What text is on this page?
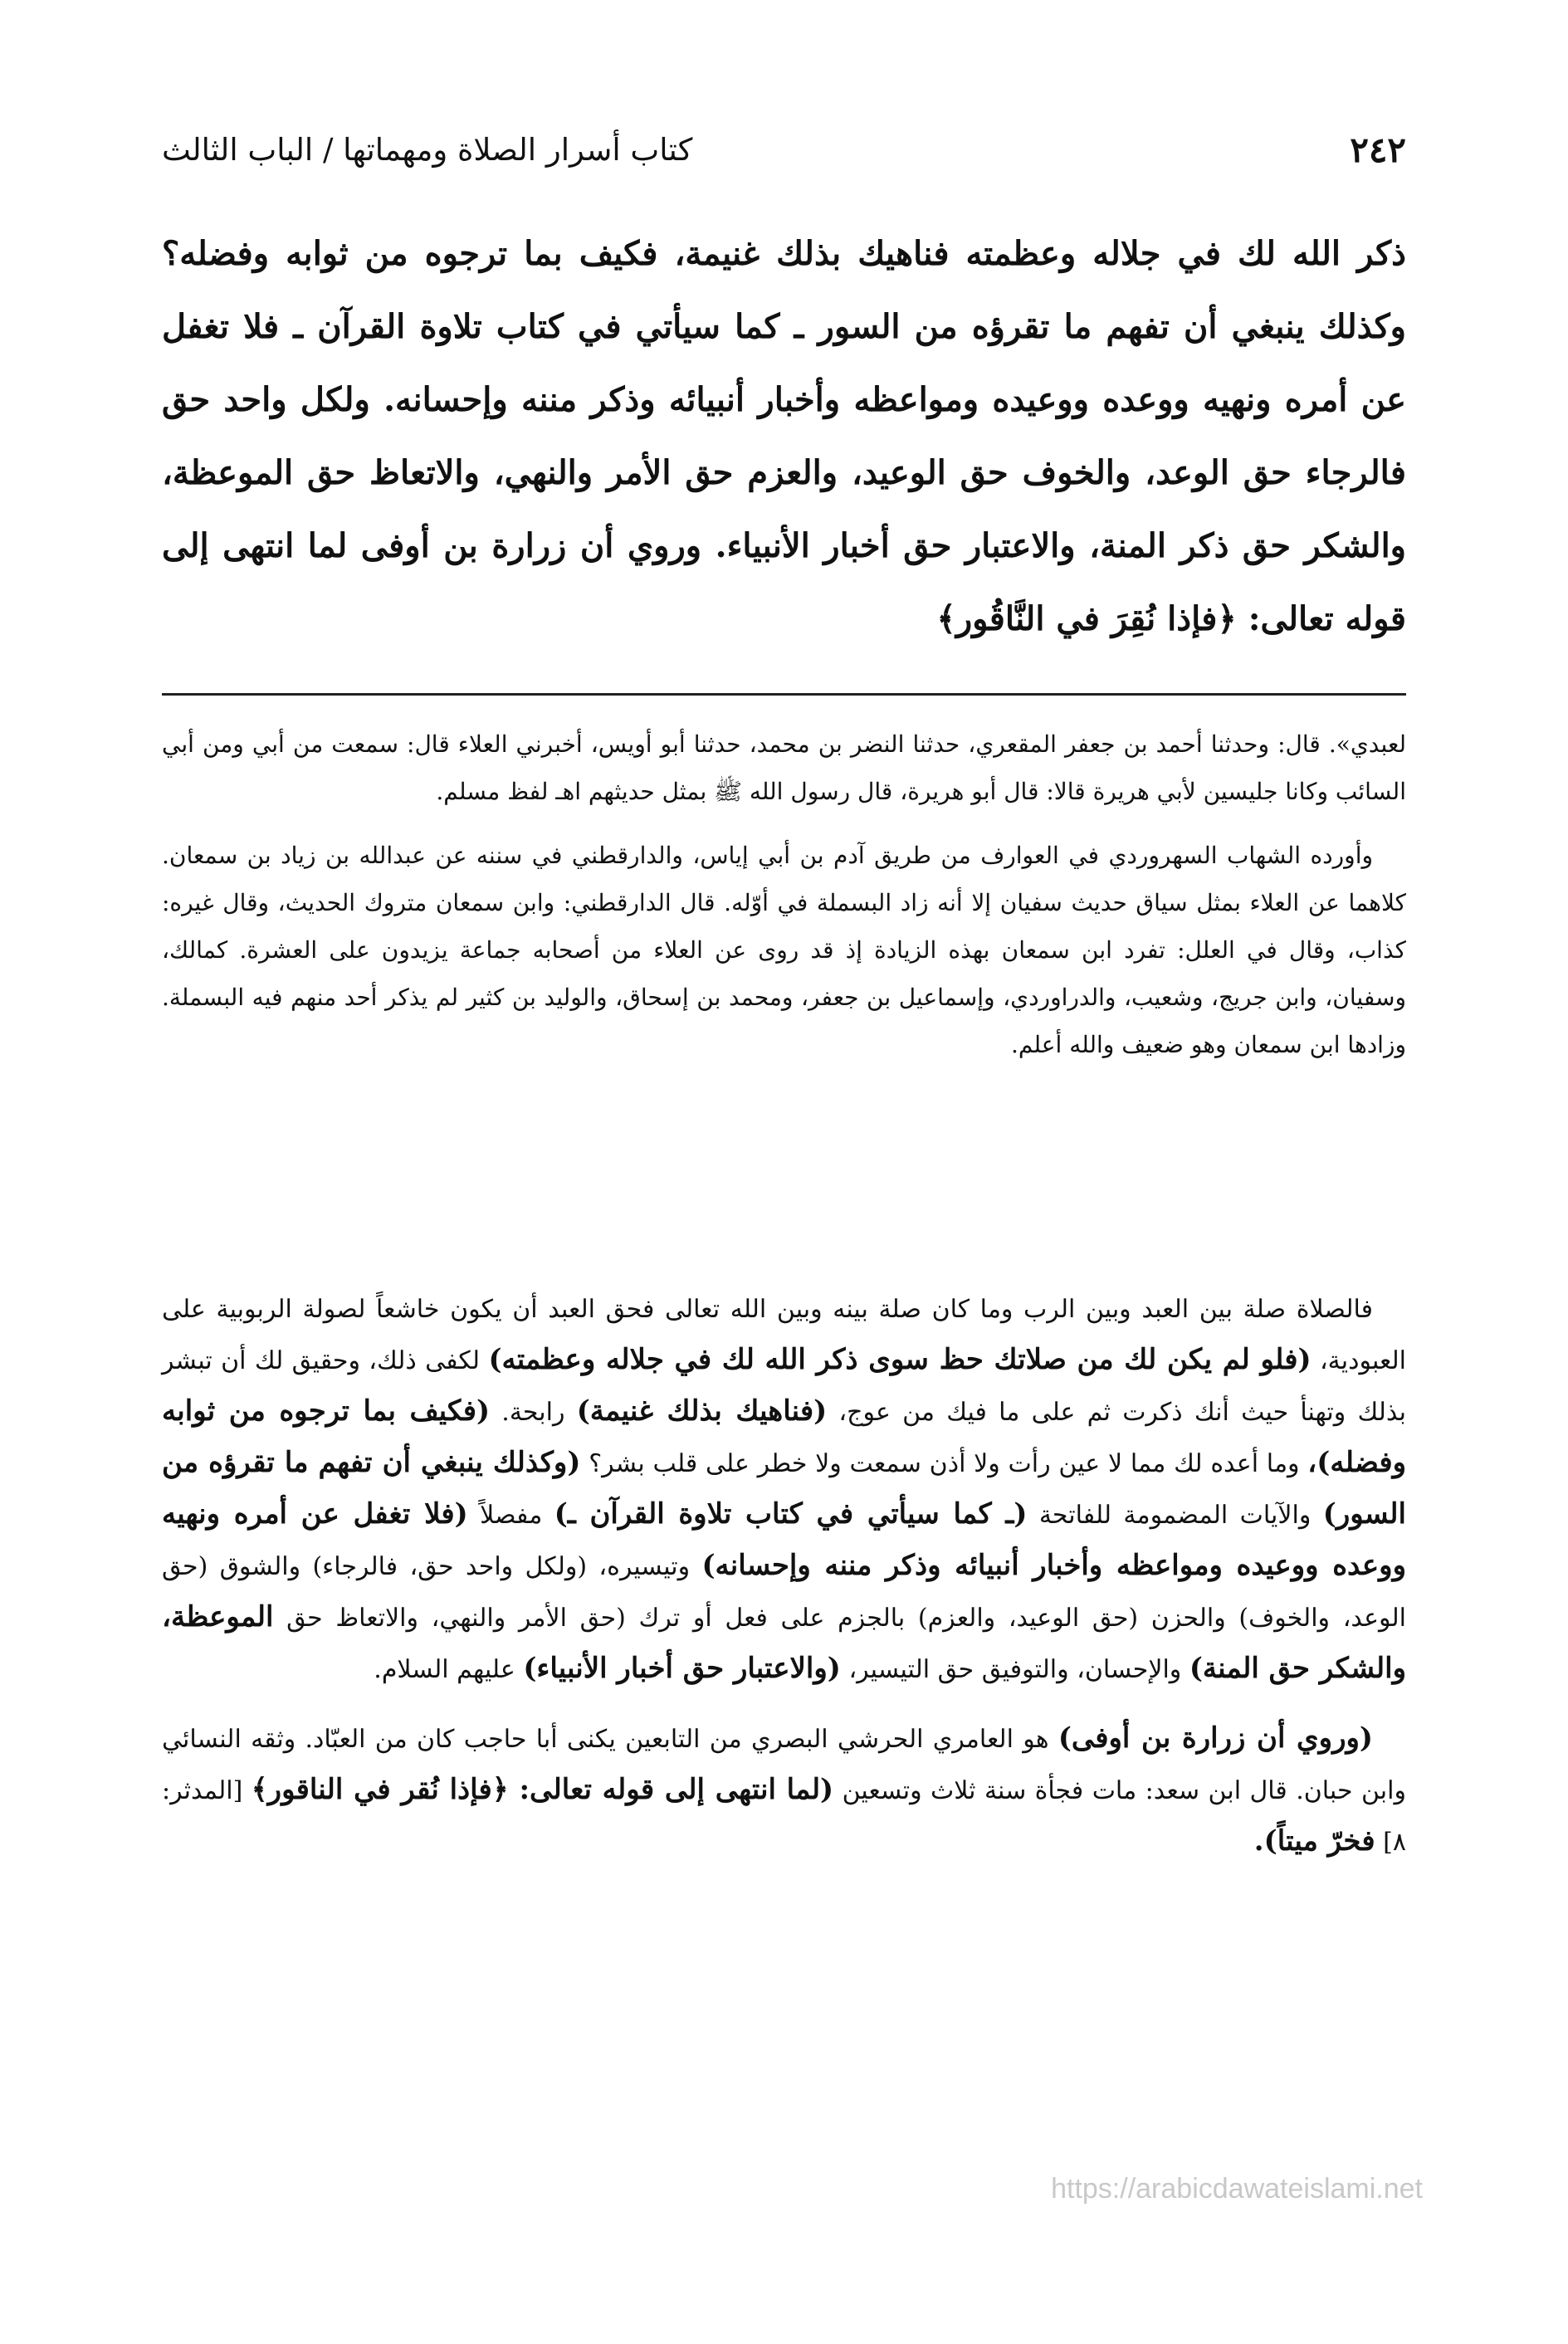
٢٤٢
كتاب أسرار الصلاة ومهماتها / الباب الثالث

ذكر الله لك في جلاله وعظمته فناهيك بذلك غنيمة، فكيف بما ترجوه من ثوابه وفضله؟ وكذلك ينبغي أن تفهم ما تقرؤه من السور ـ كما سيأتي في كتاب تلاوة القرآن ـ فلا تغفل عن أمره ونهيه ووعده ووعيده ومواعظه وأخبار أنبيائه وذكر مننه وإحسانه. ولكل واحد حق فالرجاء حق الوعد، والخوف حق الوعيد، والعزم حق الأمر والنهي، والاتعاظ حق الموعظة، والشكر حق ذكر المنة، والاعتبار حق أخبار الأنبياء. وروي أن زرارة بن أوفى لما انتهى إلى قوله تعالى: ﴿فإذا نُقِرَ في النَّاقُور﴾

لعبدي». قال: وحدثنا أحمد بن جعفر المقعري، حدثنا النضر بن محمد، حدثنا أبو أويس، أخبرني العلاء قال: سمعت من أبي ومن أبي السائب وكانا جليسين لأبي هريرة قالا: قال أبو هريرة، قال رسول الله ﷺ بمثل حديثهم اهـ لفظ مسلم.

وأورده الشهاب السهروردي في العوارف من طريق آدم بن أبي إياس، والدارقطني في سننه عن عبدالله بن زياد بن سمعان. كلاهما عن العلاء بمثل سياق حديث سفيان إلا أنه زاد البسملة في أوّله. قال الدارقطني: وابن سمعان متروك الحديث، وقال غيره: كذاب، وقال في العلل: تفرد ابن سمعان بهذه الزيادة إذ قد روى عن العلاء من أصحابه جماعة يزيدون على العشرة. كمالك، وسفيان، وابن جريج، وشعيب، والدراوردي، وإسماعيل بن جعفر، ومحمد بن إسحاق، والوليد بن كثير لم يذكر أحد منهم فيه البسملة. وزادها ابن سمعان وهو ضعيف والله أعلم.

فالصلاة صلة بين العبد وبين الرب وما كان صلة بينه وبين الله تعالى فحق العبد أن يكون خاشعاً لصولة الربوبية على العبودية، (فلو لم يكن لك من صلاتك حظ سوى ذكر الله لك في جلاله وعظمته) لكفى ذلك، وحقيق لك أن تبشر بذلك وتهنأ حيث أنك ذكرت ثم على ما فيك من عوج، (فناهيك بذلك غنيمة) رابحة. (فكيف بما ترجوه من ثوابه وفضله)، وما أعده لك مما لا عين رأت ولا أذن سمعت ولا خطر على قلب بشر؟ (وكذلك ينبغي أن تفهم ما تقرؤه من السور) والآيات المضمومة للفاتحة (ـ كما سيأتي في كتاب تلاوة القرآن ـ) مفصلاً (فلا تغفل عن أمره ونهيه ووعده ووعيده ومواعظه وأخبار أنبيائه وذكر مننه وإحسانه) وتيسيره، (ولكل واحد حق، فالرجاء) والشوق (حق الوعد، والخوف) والحزن (حق الوعيد، والعزم) بالجزم على فعل أو ترك (حق الأمر والنهي، والاتعاظ حق الموعظة، والشكر حق المنة) والإحسان، والتوفيق حق التيسير، (والاعتبار حق أخبار الأنبياء) عليهم السلام.

(وروي أن زرارة بن أوفى) هو العامري الحرشي البصري من التابعين يكنى أبا حاجب كان من العبّاد. وثقه النسائي وابن حبان. قال ابن سعد: مات فجأة سنة ثلاث وتسعين (لما انتهى إلى قوله تعالى: ﴿فإذا نُقر في الناقور﴾ [المدثر: ٨] فخرّ ميتاً).

https://arabicdawateislami.net
